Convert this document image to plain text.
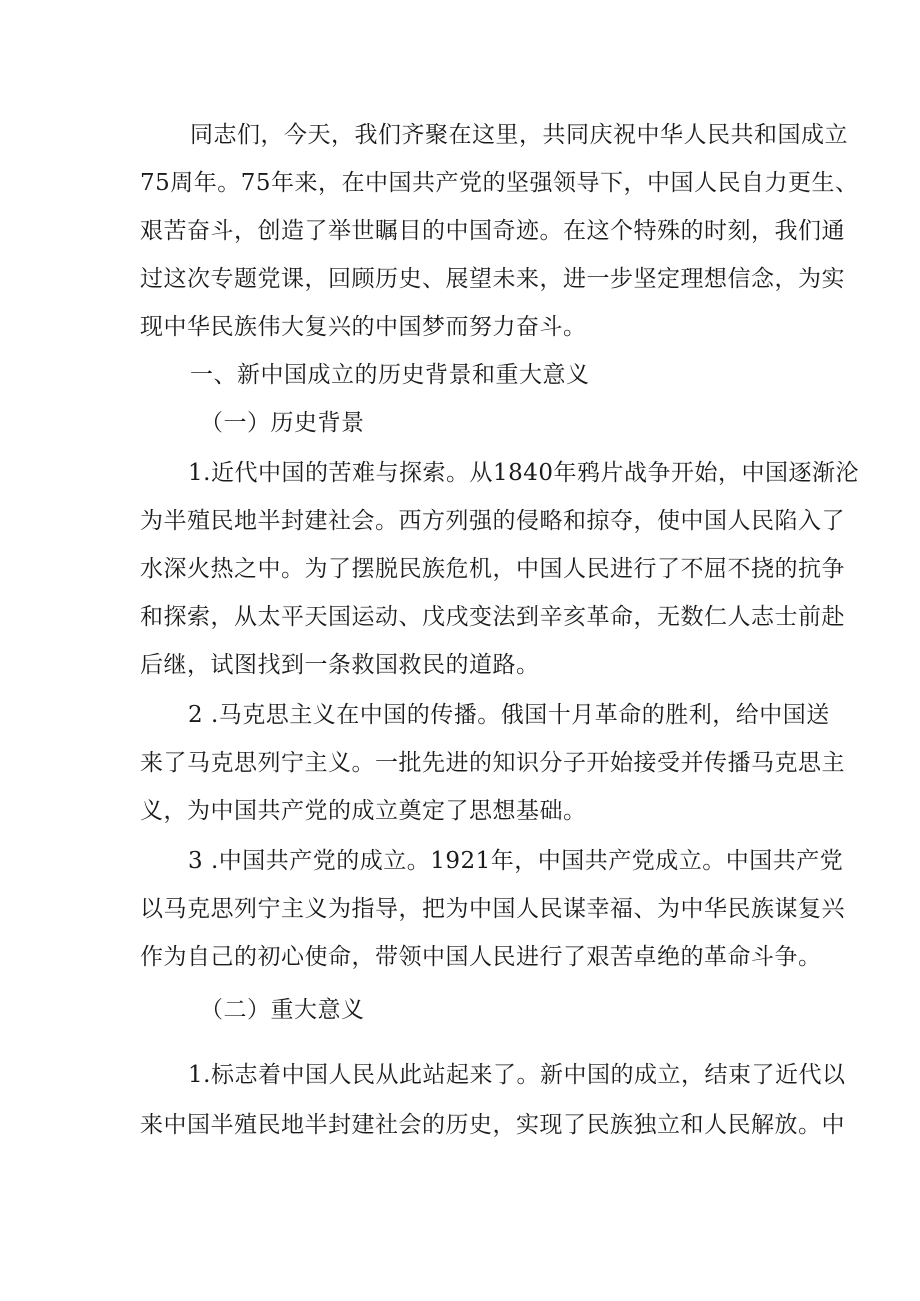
同志们，今天，我们齐聚在这里，共同庆祝中华人民共和国成立
75周年。75年来，在中国共产党的坚强领导下，中国人民自力更生、
艰苦奋斗，创造了举世瞩目的中国奇迹。在这个特殊的时刻，我们通
过这次专题党课，回顾历史、展望未来，进一步坚定理想信念，为实
现中华民族伟大复兴的中国梦而努力奋斗。
一、新中国成立的历史背景和重大意义
（一）历史背景
1.近代中国的苦难与探索。从1840年鸦片战争开始，中国逐渐沦
为半殖民地半封建社会。西方列强的侵略和掠夺，使中国人民陷入了
水深火热之中。为了摆脱民族危机，中国人民进行了不屈不挠的抗争
和探索，从太平天国运动、戊戌变法到辛亥革命，无数仁人志士前赴
后继，试图找到一条救国救民的道路。
2 .马克思主义在中国的传播。俄国十月革命的胜利，给中国送
来了马克思列宁主义。一批先进的知识分子开始接受并传播马克思主
义，为中国共产党的成立奠定了思想基础。
3 .中国共产党的成立。1921年，中国共产党成立。中国共产党
以马克思列宁主义为指导，把为中国人民谋幸福、为中华民族谋复兴
作为自己的初心使命，带领中国人民进行了艰苦卓绝的革命斗争。
（二）重大意义
1.标志着中国人民从此站起来了。新中国的成立，结束了近代以
来中国半殖民地半封建社会的历史，实现了民族独立和人民解放。中
